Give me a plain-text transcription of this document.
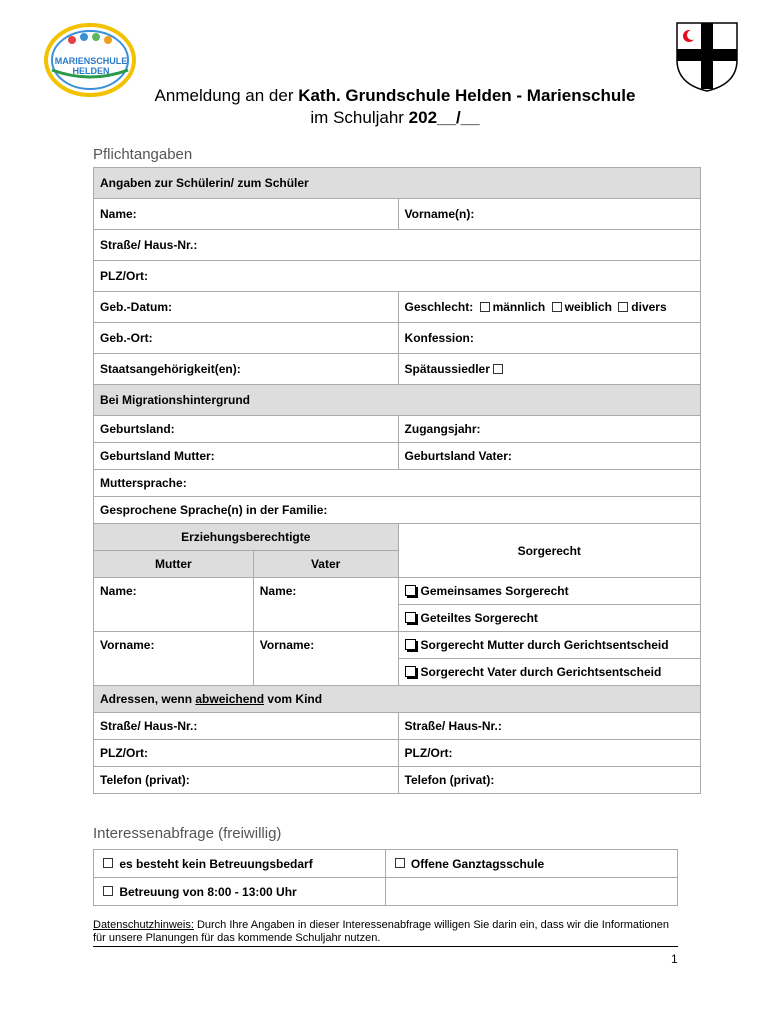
MARIENSCHULE HELDEN
Anmeldung an der Kath. Grundschule Helden - Marienschule
im Schuljahr 202__/__
Pflichtangaben
Angaben zur Schülerin/ zum Schüler		
Name:		Vorname(n):
Straße/ Haus-Nr.:		
PLZ/Ort:		
Geb.-Datum:		Geschlecht: männlich weiblich divers
Geb.-Ort:		Konfession:
Staatsangehörigkeit(en):		Spätaussiedler
Bei Migrationshintergrund		
Geburtsland:		Zugangsjahr:
Geburtsland Mutter:		Geburtsland Vater:
Muttersprache:		
Gesprochene Sprache(n) in der Familie:		
Erziehungsberechtigte		Sorgerecht
Mutter	Vater	
Name:	Name:	Gemeinsames Sorgerecht
		Geteiltes Sorgerecht
Vorname:	Vorname:	Sorgerecht Mutter durch Gerichtsentscheid
		Sorgerecht Vater durch Gerichtsentscheid
Adressen, wenn abweichend vom Kind		
Straße/ Haus-Nr.:		Straße/ Haus-Nr.:
PLZ/Ort:		PLZ/Ort:
Telefon (privat):		Telefon (privat):
Interessenabfrage (freiwillig)
es besteht kein Betreuungsbedarf	Offene Ganztagsschule
Betreuung von 8:00 - 13:00 Uhr	
Datenschutzhinweis: Durch Ihre Angaben in dieser Interessenabfrage willigen Sie darin ein, dass wir die Informationen für unsere Planungen für das kommende Schuljahr nutzen.
1
